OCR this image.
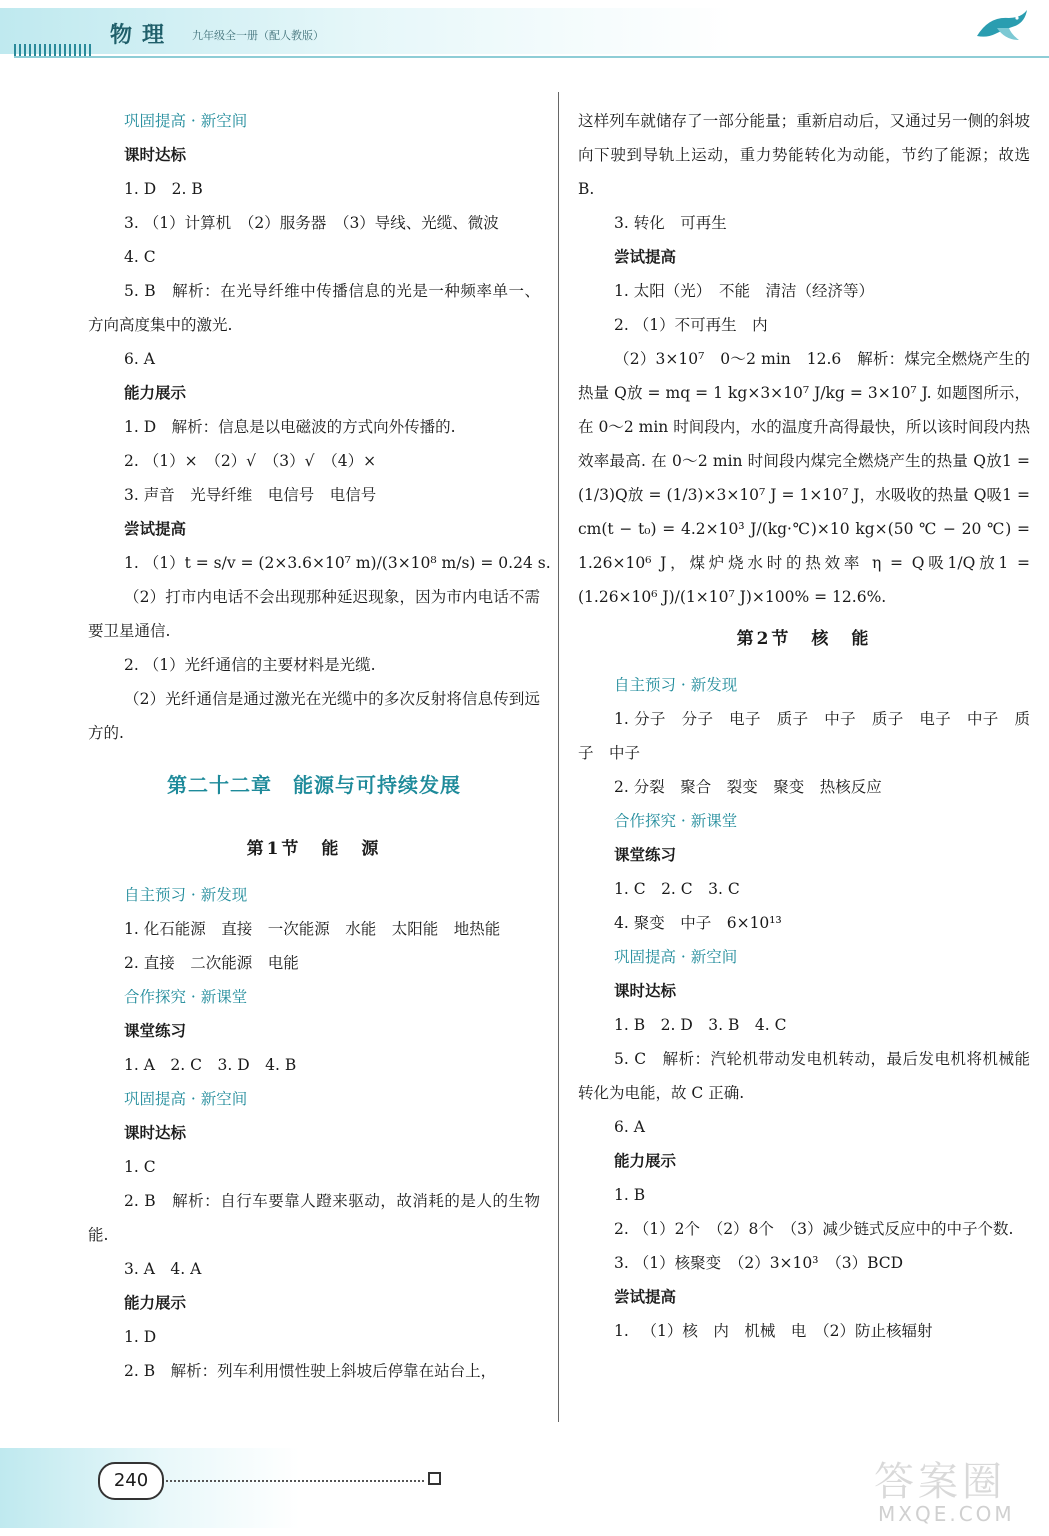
物理 九年级全一册（配人教版）
巩固提高 · 新空间
课时达标
1. D　2. B
3. （1）计算机　（2）服务器　（3）导线、光缆、微波
4. C
5. B　解析：在光导纤维中传播信息的光是一种频率单一、方向高度集中的激光.
6. A
能力展示
1. D　解析：信息是以电磁波的方式向外传播的.
2. （1）×　（2）√　（3）√　（4）×
3. 声音　光导纤维　电信号　电信号
尝试提高
1. （1）t = s/v = (2×3.6×10⁷ m)/(3×10⁸ m/s) = 0.24 s.
（2）打市内电话不会出现那种延迟现象，因为市内电话不需要卫星通信.
2. （1）光纤通信的主要材料是光缆.
（2）光纤通信是通过激光在光缆中的多次反射将信息传到远方的.
第二十二章　能源与可持续发展
第1节　能　源
自主预习 · 新发现
1. 化石能源　直接　一次能源　水能　太阳能　地热能
2. 直接　二次能源　电能
合作探究 · 新课堂
课堂练习
1. A　2. C　3. D　4. B
巩固提高 · 新空间
课时达标
1. C
2. B　解析：自行车要靠人蹬来驱动，故消耗的是人的生物能.
3. A　4. A
能力展示
1. D
2. B　解析：列车利用惯性驶上斜坡后停靠在站台上，
这样列车就储存了一部分能量；重新启动后，又通过另一侧的斜坡向下驶到导轨上运动，重力势能转化为动能，节约了能源；故选 B.
3. 转化　可再生
尝试提高
1. 太阳（光）　不能　清洁（经济等）
2. （1）不可再生　内
（2）3×10⁷　0～2 min　12.6　解析：煤完全燃烧产生的热量 Q放 = mq = 1 kg×3×10⁷ J/kg = 3×10⁷ J. 如题图所示，在 0～2 min 时间段内，水的温度升高得最快，所以该时间段内热效率最高. 在 0～2 min 时间段内煤完全燃烧产生的热量 Q放1 = (1/3)Q放 = (1/3)×3×10⁷ J = 1×10⁷ J，水吸收的热量 Q吸1 = cm(t − t₀) = 4.2×10³ J/(kg·℃)×10 kg×(50 ℃ − 20 ℃) = 1.26×10⁶ J，煤炉烧水时的热效率 η = Q吸1/Q放1 = (1.26×10⁶ J)/(1×10⁷ J)×100% = 12.6%.
第2节　核　能
自主预习 · 新发现
1. 分子　分子　电子　质子　中子　质子　电子　中子　质子　中子
2. 分裂　聚合　裂变　聚变　热核反应
合作探究 · 新课堂
课堂练习
1. C　2. C　3. C
4. 聚变　中子　6×10¹³
巩固提高 · 新空间
课时达标
1. B　2. D　3. B　4. C
5. C　解析：汽轮机带动发电机转动，最后发电机将机械能转化为电能，故 C 正确.
6. A
能力展示
1. B
2. （1）2个　（2）8个　（3）减少链式反应中的中子个数.
3. （1）核聚变　（2）3×10³　（3）BCD
尝试提高
1. 　（1）核　内　机械　电　（2）防止核辐射
240	答案圈
MXQE.COM
